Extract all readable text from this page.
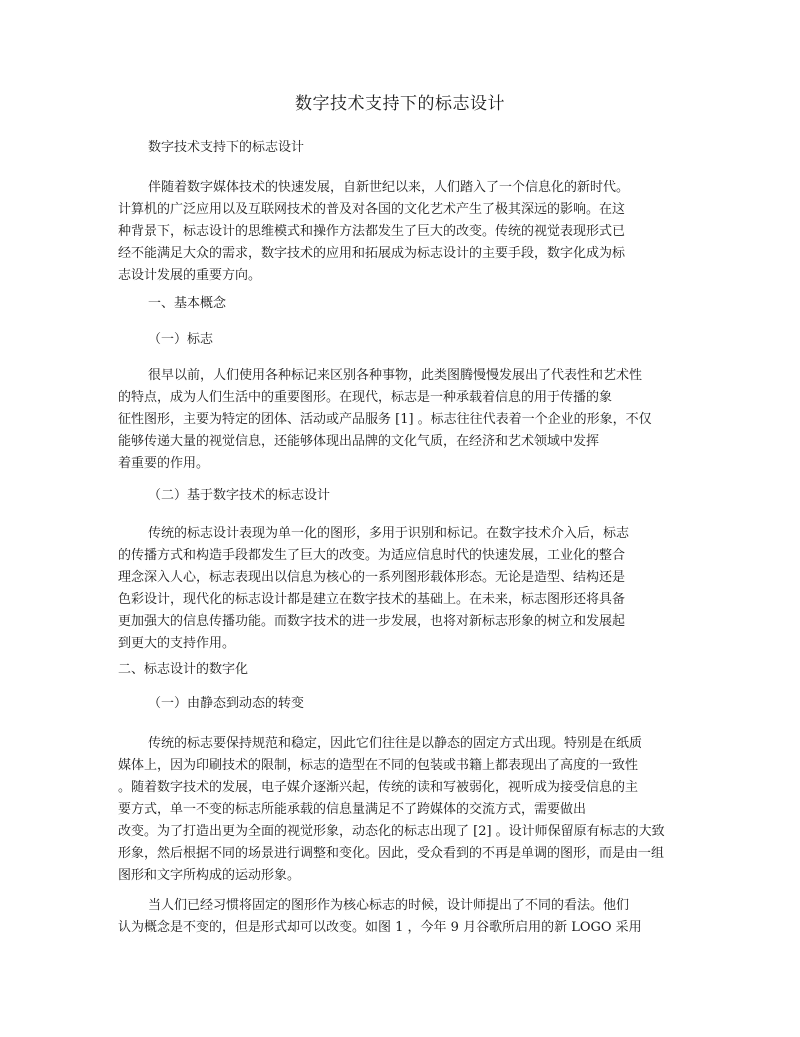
数字技术支持下的标志设计
数字技术支持下的标志设计
伴随着数字媒体技术的快速发展，自新世纪以来，人们踏入了一个信息化的新时代。
计算机的广泛应用以及互联网技术的普及对各国的文化艺术产生了极其深远的影响。在这
种背景下，标志设计的思维模式和操作方法都发生了巨大的改变。传统的视觉表现形式已
经不能满足大众的需求，数字技术的应用和拓展成为标志设计的主要手段，数字化成为标
志设计发展的重要方向。
一、基本概念
（一）标志
很早以前，人们使用各种标记来区别各种事物，此类图腾慢慢发展出了代表性和艺术性
的特点，成为人们生活中的重要图形。在现代，标志是一种承载着信息的用于传播的象
征性图形，主要为特定的团体、活动或产品服务 [1] 。标志往往代表着一个企业的形象，不仅
能够传递大量的视觉信息，还能够体现出品牌的文化气质，在经济和艺术领域中发挥
着重要的作用。
（二）基于数字技术的标志设计
传统的标志设计表现为单一化的图形，多用于识别和标记。在数字技术介入后，标志
的传播方式和构造手段都发生了巨大的改变。为适应信息时代的快速发展，工业化的整合
理念深入人心，标志表现出以信息为核心的一系列图形载体形态。无论是造型、结构还是
色彩设计，现代化的标志设计都是建立在数字技术的基础上。在未来，标志图形还将具备
更加强大的信息传播功能。而数字技术的进一步发展，也将对新标志形象的树立和发展起
到更大的支持作用。
二、标志设计的数字化
（一）由静态到动态的转变
传统的标志要保持规范和稳定，因此它们往往是以静态的固定方式出现。特别是在纸质
媒体上，因为印刷技术的限制，标志的造型在不同的包装或书籍上都表现出了高度的一致性
。随着数字技术的发展，电子媒介逐渐兴起，传统的读和写被弱化，视听成为接受信息的主
要方式，单一不变的标志所能承载的信息量满足不了跨媒体的交流方式，需要做出
改变。为了打造出更为全面的视觉形象，动态化的标志出现了 [2] 。设计师保留原有标志的大致
形象，然后根据不同的场景进行调整和变化。因此，受众看到的不再是单调的图形，而是由一组
图形和文字所构成的运动形象。
当人们已经习惯将固定的图形作为核心标志的时候，设计师提出了不同的看法。他们
认为概念是不变的，但是形式却可以改变。如图 1 ，今年 9 月谷歌所启用的新 LOGO 采用
